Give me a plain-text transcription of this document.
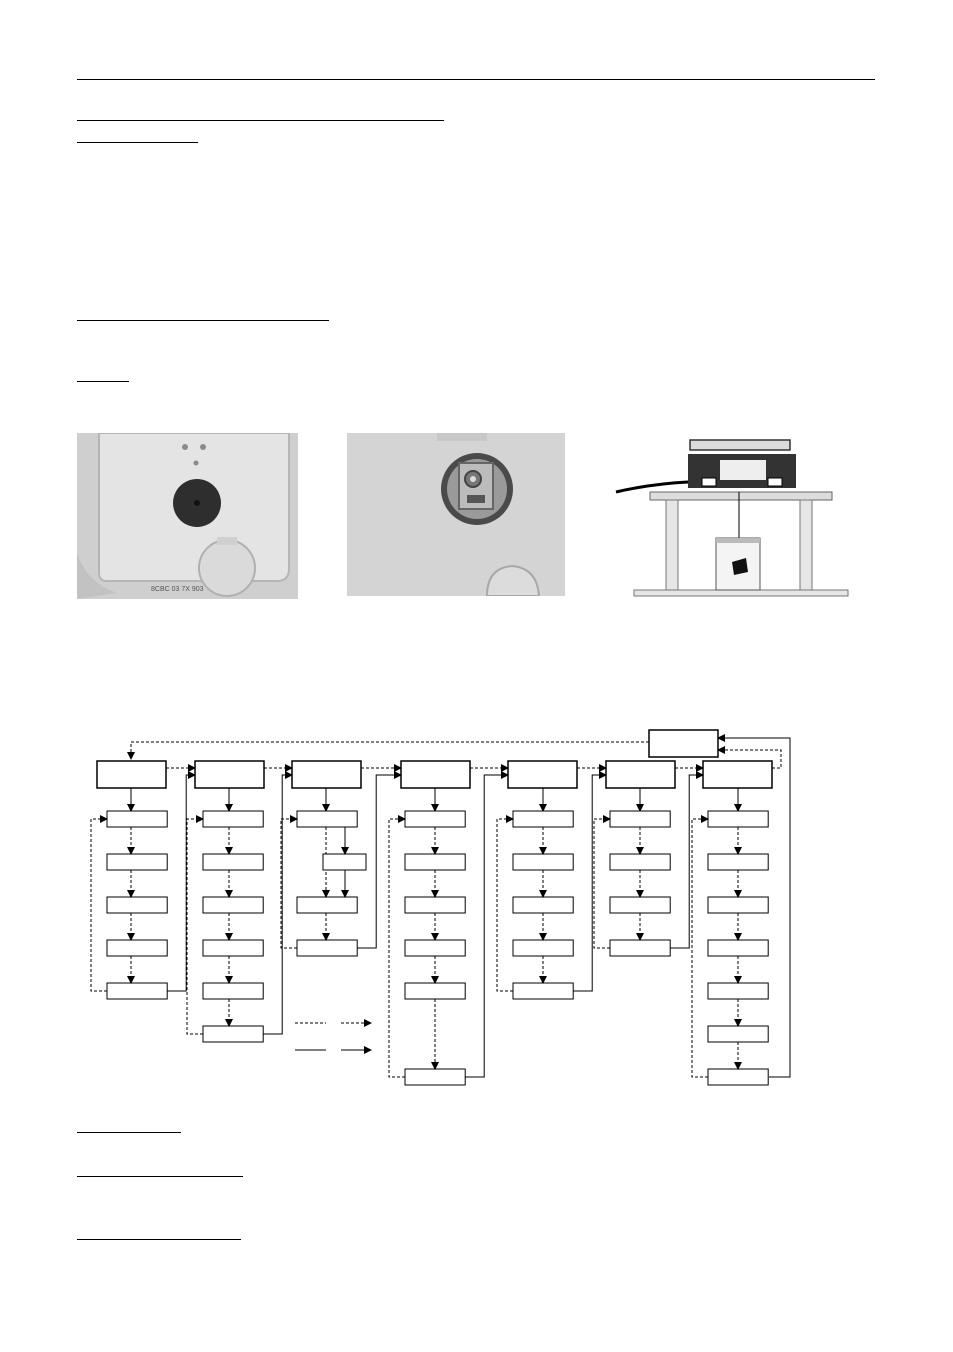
8CBC 03 7X 903
